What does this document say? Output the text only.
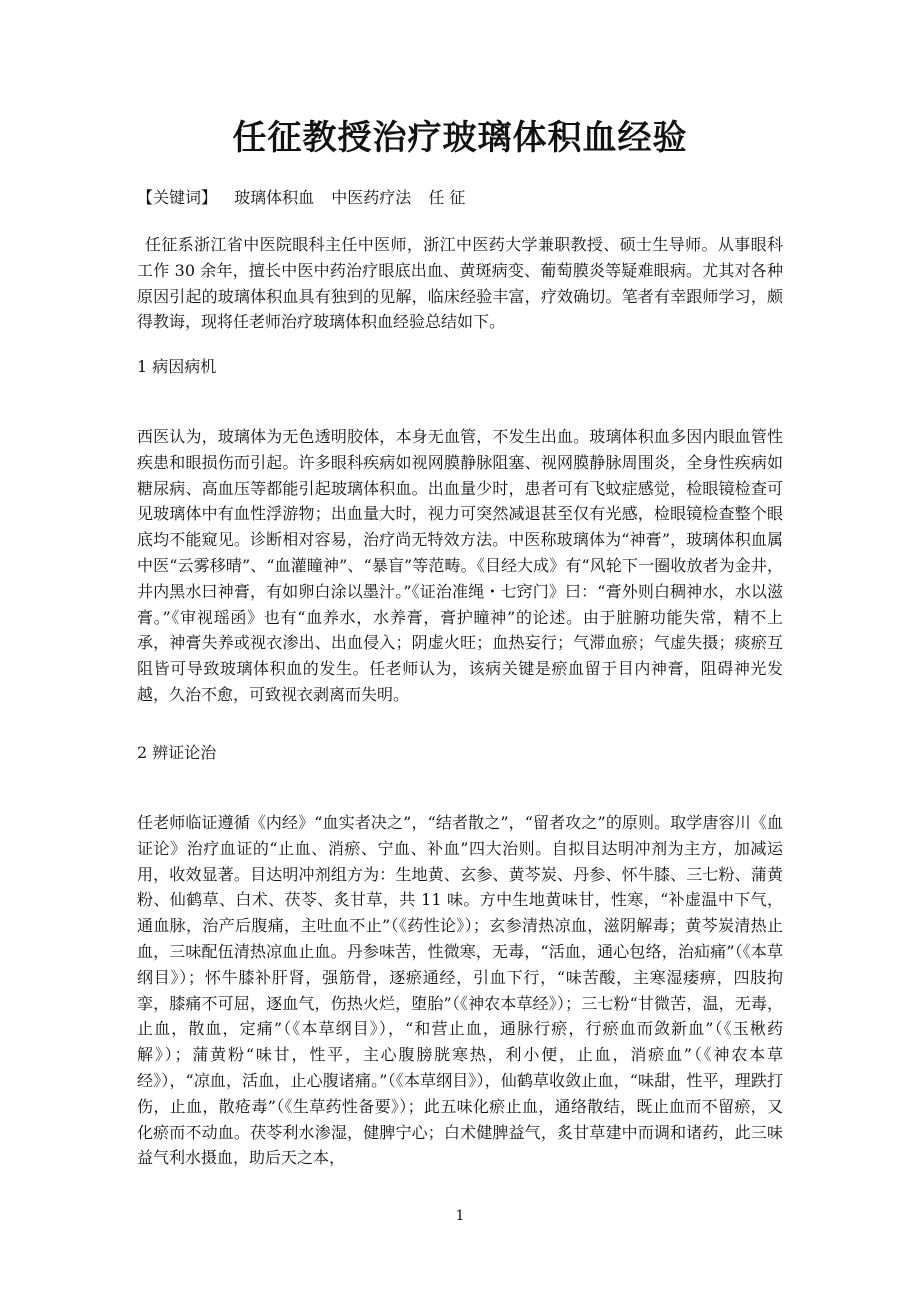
任征教授治疗玻璃体积血经验
【关键词】 玻璃体积血 中医药疗法 任 征

任征系浙江省中医院眼科主任中医师，浙江中医药大学兼职教授、硕士生导师。从事眼科工作 30 余年，擅长中医中药治疗眼底出血、黄斑病变、葡萄膜炎等疑难眼病。尤其对各种原因引起的玻璃体积血具有独到的见解，临床经验丰富，疗效确切。笔者有幸跟师学习，颇得教诲，现将任老师治疗玻璃体积血经验总结如下。

1 病因病机

西医认为，玻璃体为无色透明胶体，本身无血管，不发生出血。玻璃体积血多因内眼血管性疾患和眼损伤而引起。许多眼科疾病如视网膜静脉阻塞、视网膜静脉周围炎，全身性疾病如糖尿病、高血压等都能引起玻璃体积血。出血量少时，患者可有飞蚊症感觉，检眼镜检查可见玻璃体中有血性浮游物；出血量大时，视力可突然减退甚至仅有光感，检眼镜检查整个眼底均不能窥见。诊断相对容易，治疗尚无特效方法。中医称玻璃体为“神膏”，玻璃体积血属中医“云雾移晴”、“血灌瞳神”、“暴盲”等范畴。《目经大成》有“风轮下一圈收放者为金井，井内黑水曰神膏，有如卵白涂以墨汁。”《证治准绳・七窍门》曰：“膏外则白稠神水，水以滋膏。”《审视瑶函》也有“血养水，水养膏，膏护瞳神”的论述。由于脏腑功能失常，精不上承，神膏失养或视衣渗出、出血侵入；阴虚火旺；血热妄行；气滞血瘀；气虚失摄；痰瘀互阻皆可导致玻璃体积血的发生。任老师认为，该病关键是瘀血留于目内神膏，阻碍神光发越，久治不愈，可致视衣剥离而失明。

2 辨证论治

任老师临证遵循《内经》“血实者决之”，“结者散之”，“留者攻之”的原则。取学唐容川《血证论》治疗血证的“止血、消瘀、宁血、补血”四大治则。自拟目达明冲剂为主方，加减运用，收效显著。目达明冲剂组方为：生地黄、玄参、黄芩炭、丹参、怀牛膝、三七粉、蒲黄粉、仙鹤草、白术、茯苓、炙甘草，共 11 味。方中生地黄味甘，性寒，“补虚温中下气，通血脉，治产后腹痛，主吐血不止”（《药性论》）；玄参清热凉血，滋阴解毒；黄芩炭清热止血，三味配伍清热凉血止血。丹参味苦，性微寒，无毒，“活血，通心包络，治疝痛”（《本草纲目》）；怀牛膝补肝肾，强筋骨，逐瘀通经，引血下行，“味苦酸，主寒湿痿痹，四肢拘挛，膝痛不可屈，逐血气，伤热火烂，堕胎”（《神农本草经》）；三七粉“甘微苦，温，无毒，止血，散血，定痛”（《本草纲目》），“和营止血，通脉行瘀，行瘀血而敛新血”（《玉楸药解》）；蒲黄粉“味甘，性平，主心腹膀胱寒热，利小便，止血，消瘀血”（《神农本草经》），“凉血，活血，止心腹诸痛。”（《本草纲目》），仙鹤草收敛止血，“味甜，性平，理跌打伤，止血，散疮毒”（《生草药性备要》）；此五味化瘀止血，通络散结，既止血而不留瘀，又化瘀而不动血。茯苓利水渗湿，健脾宁心；白术健脾益气，炙甘草建中而调和诸药，此三味益气利水摄血，助后天之本，

1
